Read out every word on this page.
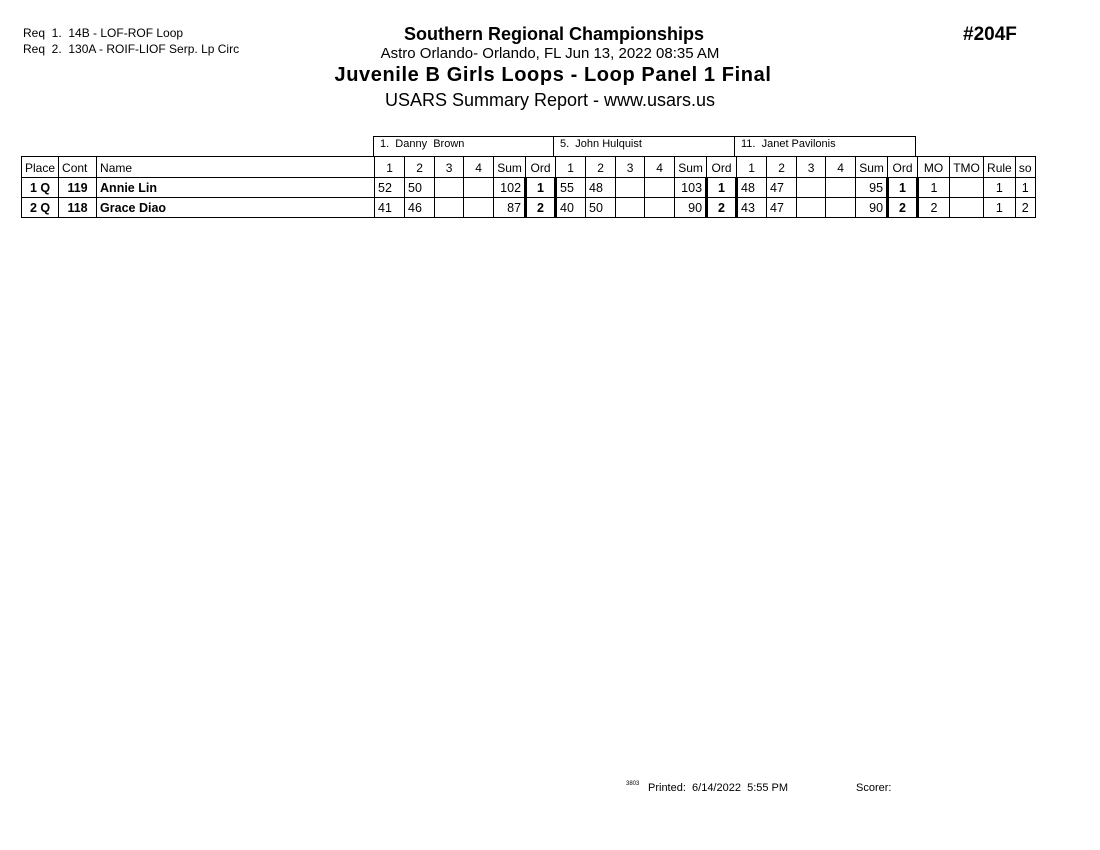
Req  1.  14B - LOF-ROF Loop
Req  2.  130A - ROIF-LIOF Serp. Lp Circ
#204F
Southern Regional Championships
Astro Orlando- Orlando, FL Jun 13, 2022 08:35 AM
Juvenile B Girls Loops - Loop Panel 1 Final
USARS Summary Report - www.usars.us
1.  Danny  Brown	5.  John Hulquist	11.  Janet Pavilonis
Place	Cont	Name	1	2	3	4	Sum	Ord	1	2	3	4	Sum	Ord	1	2	3	4	Sum	Ord	MO	TMO	Rule	so
1 Q	119	Annie Lin	52	50			102	1	55	48			103	1	48	47			95	1	1		1	1
2 Q	118	Grace Diao	41	46			87	2	40	50			90	2	43	47			90	2	2		1	2
3803 Printed:  6/14/2022  5:55 PM	Scorer:
